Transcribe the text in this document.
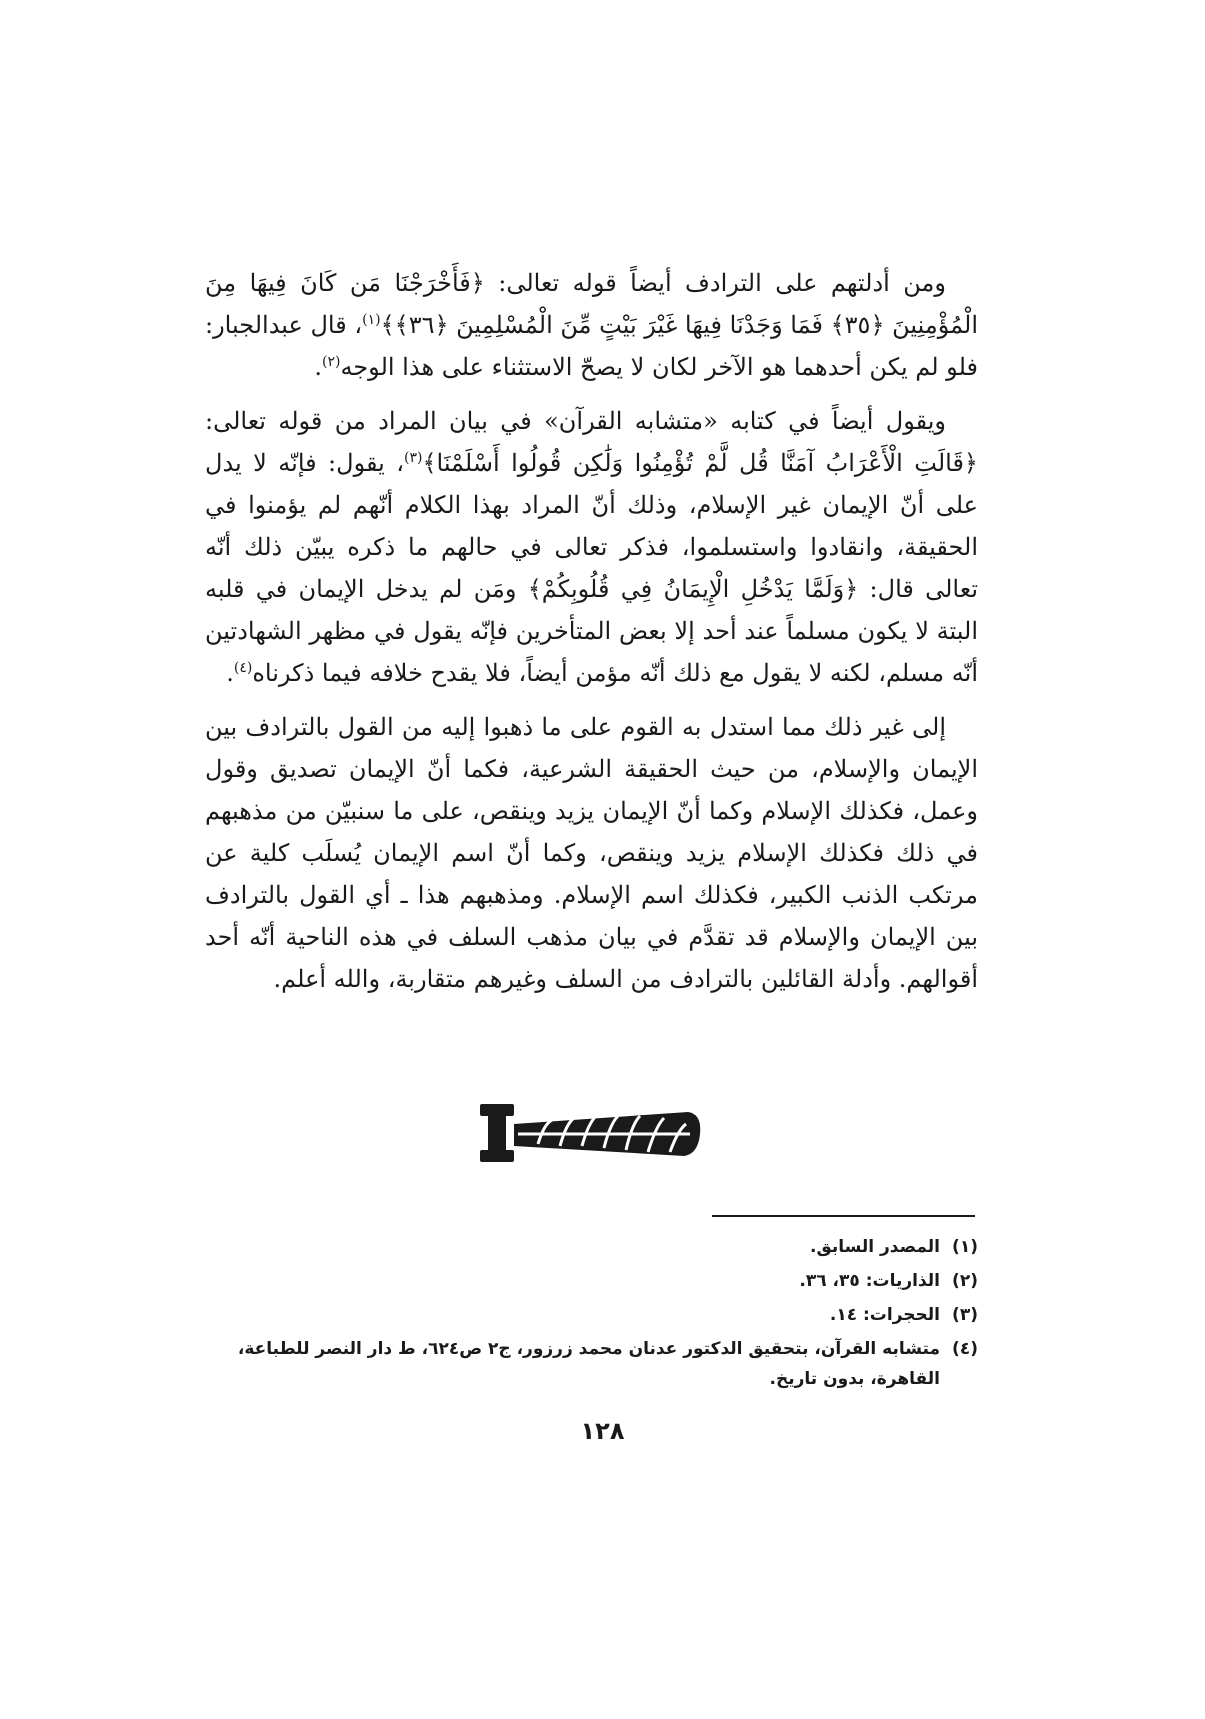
ومن أدلتهم على الترادف أيضاً قوله تعالى: ﴿فَأَخْرَجْنَا مَن كَانَ فِيهَا مِنَ الْمُؤْمِنِينَ ﴿٣٥﴾ فَمَا وَجَدْنَا فِيهَا غَيْرَ بَيْتٍ مِّنَ الْمُسْلِمِينَ ﴿٣٦﴾﴾$^{(١)}$، قال عبدالجبار: فلو لم يكن أحدهما هو الآخر لكان لا يصحّ الاستثناء على هذا الوجه$^{(٢)}$.

ويقول أيضاً في كتابه «متشابه القرآن» في بيان المراد من قوله تعالى: ﴿قَالَتِ الْأَعْرَابُ آمَنَّا قُل لَّمْ تُؤْمِنُوا وَلَٰكِن قُولُوا أَسْلَمْنَا﴾$^{(٣)}$، يقول: فإنّه لا يدل على أنّ الإيمان غير الإسلام، وذلك أنّ المراد بهذا الكلام أنّهم لم يؤمنوا في الحقيقة، وانقادوا واستسلموا، فذكر تعالى في حالهم ما ذكره يبيّن ذلك أنّه تعالى قال: ﴿وَلَمَّا يَدْخُلِ الْإِيمَانُ فِي قُلُوبِكُمْ﴾ ومَن لم يدخل الإيمان في قلبه البتة لا يكون مسلماً عند أحد إلا بعض المتأخرين فإنّه يقول في مظهر الشهادتين أنّه مسلم، لكنه لا يقول مع ذلك أنّه مؤمن أيضاً، فلا يقدح خلافه فيما ذكرناه$^{(٤)}$.

إلى غير ذلك مما استدل به القوم على ما ذهبوا إليه من القول بالترادف بين الإيمان والإسلام، من حيث الحقيقة الشرعية، فكما أنّ الإيمان تصديق وقول وعمل، فكذلك الإسلام وكما أنّ الإيمان يزيد وينقص، على ما سنبيّن من مذهبهم في ذلك فكذلك الإسلام يزيد وينقص، وكما أنّ اسم الإيمان يُسلَب كلية عن مرتكب الذنب الكبير، فكذلك اسم الإسلام. ومذهبهم هذا ـ أي القول بالترادف بين الإيمان والإسلام قد تقدَّم في بيان مذهب السلف في هذه الناحية أنّه أحد أقوالهم. وأدلة القائلين بالترادف من السلف وغيرهم متقاربة، والله أعلم.

(١)
المصدر السابق.
(٢)
الذاريات: ٣٥، ٣٦.
(٣)
الحجرات: ١٤.
(٤)
متشابه القرآن، بتحقيق الدكتور عدنان محمد زرزور، ج٢ ص٦٢٤، ط دار النصر للطباعة، القاهرة، بدون تاريخ.
١٢٨
